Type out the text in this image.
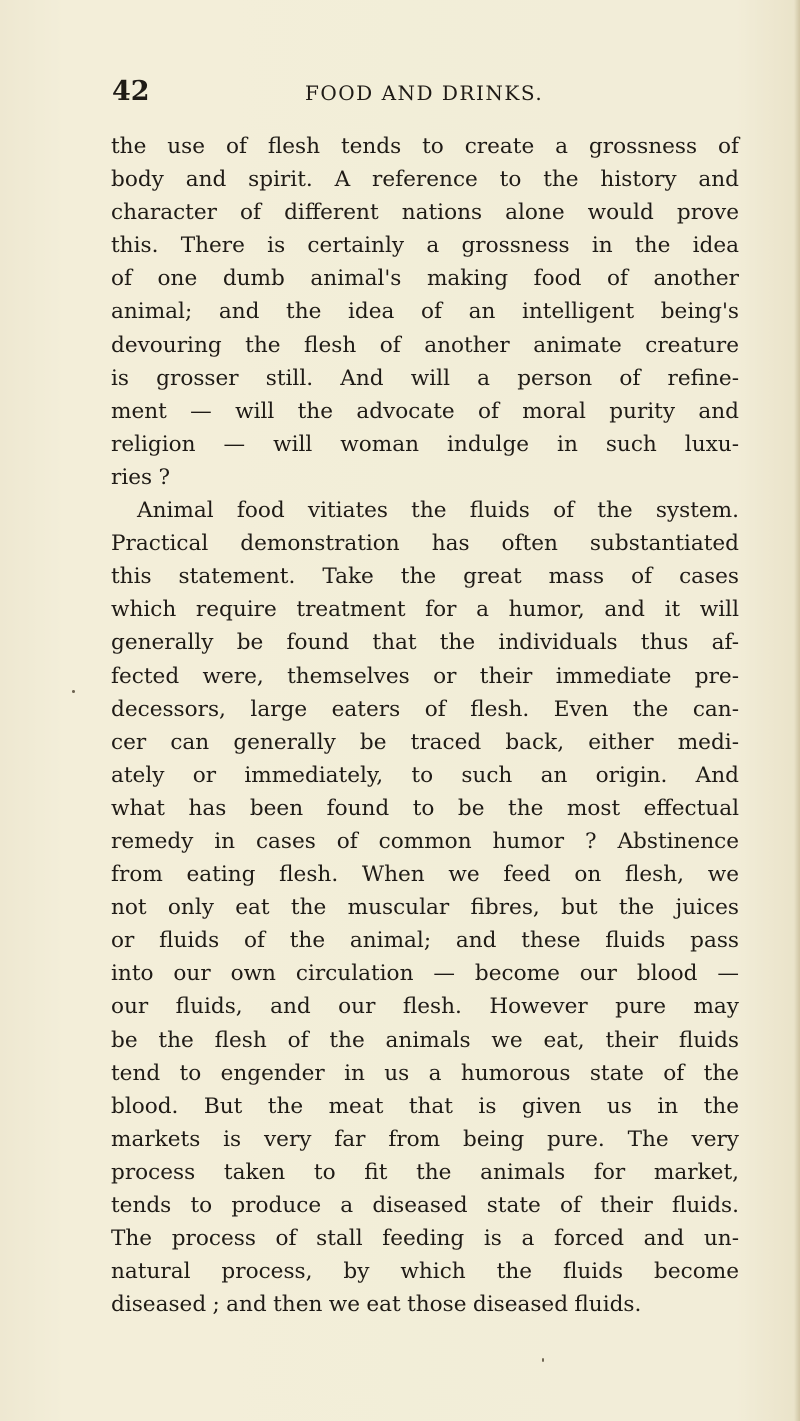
42	FOOD AND DRINKS.
the use of flesh tends to create a grossness of
body and spirit. A reference to the history and
character of different nations alone would prove
this. There is certainly a grossness in the idea
of one dumb animal's making food of another
animal; and the idea of an intelligent being's
devouring the flesh of another animate creature
is grosser still. And will a person of refine-
ment — will the advocate of moral purity and
religion — will woman indulge in such luxu-
ries ?
Animal food vitiates the fluids of the system.
Practical demonstration has often substantiated
this statement. Take the great mass of cases
which require treatment for a humor, and it will
generally be found that the individuals thus af-
fected were, themselves or their immediate pre-
decessors, large eaters of flesh. Even the can-
cer can generally be traced back, either medi-
ately or immediately, to such an origin. And
what has been found to be the most effectual
remedy in cases of common humor ? Abstinence
from eating flesh. When we feed on flesh, we
not only eat the muscular fibres, but the juices
or fluids of the animal; and these fluids pass
into our own circulation — become our blood —
our fluids, and our flesh. However pure may
be the flesh of the animals we eat, their fluids
tend to engender in us a humorous state of the
blood. But the meat that is given us in the
markets is very far from being pure. The very
process taken to fit the animals for market,
tends to produce a diseased state of their fluids.
The process of stall feeding is a forced and un-
natural process, by which the fluids become
diseased ; and then we eat those diseased fluids.
